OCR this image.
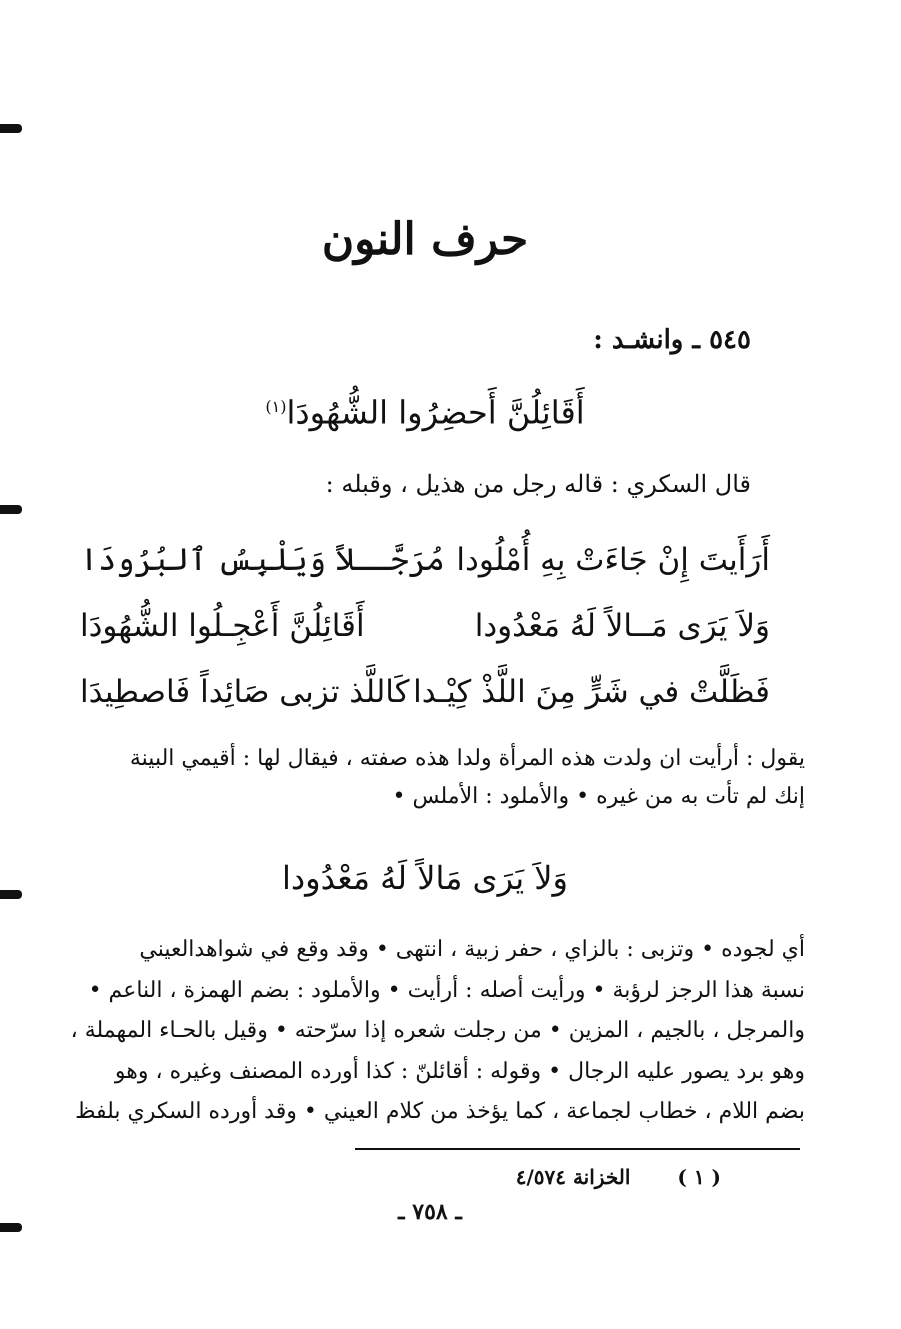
حرف النون
٥٤٥ ـ وانشـد :
أَقَائِلُنَّ أَحضِرُوا الشُّهُودَا$^{(١)}$
قال السكري : قاله رجل من هذيل ، وقبله :
أَرَأَيتَ إِنْ جَاءَتْ بِهِ أُمْلُودا
مُرَجَّــلاً وَيَلْبِسُ ٱلبُرُودَا
وَلاَ يَرَى مَــالاً لَهُ مَعْدُودا
أَقَائِلُنَّ أَعْجِـلُوا الشُّهُودَا
فَظَلَّتْ في شَرٍّ مِنَ اللَّذْ كِيْـدا
كَاللَّذ تزبى صَائِداً فَاصطِيدَا
يقول : أرأيت ان ولدت هذه المرأة ولدا هذه صفته ، فيقال لها : أقيمي البينة
إنك لم تأت به من غيره • والأملود : الأملس •
وَلاَ يَرَى مَالاً لَهُ مَعْدُودا
أي لجوده • وتزبى : بالزاي ، حفر زبية ، انتهى • وقد وقع في شواهدالعيني
نسبة هذا الرجز لرؤبة • ورأيت أصله : أرأيت • والأملود : بضم الهمزة ، الناعم •
والمرجل ، بالجيم ، المزين • من رجلت شعره إذا سرّحته • وقيل بالحـاء المهملة ،
وهو برد يصور عليه الرجال • وقوله : أقائلنّ : كذا أورده المصنف وغيره ، وهو
بضم اللام ، خطاب لجماعة ، كما يؤخذ من كلام العيني • وقد أورده السكري بلفظ
( ١ ) الخزانة ٤/٥٧٤
ـ ٧٥٨ ـ
